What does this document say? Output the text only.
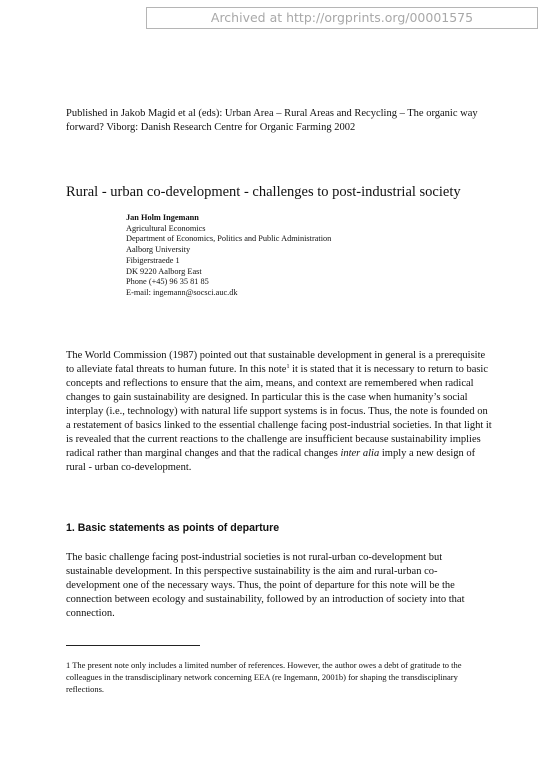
Archived at http://orgprints.org/00001575
Published in Jakob Magid et al (eds): Urban Area – Rural Areas and Recycling – The organic way forward? Viborg: Danish Research Centre for Organic Farming 2002
Rural - urban co-development - challenges to post-industrial society
Jan Holm Ingemann
Agricultural Economics
Department of Economics, Politics and Public Administration
Aalborg University
Fibigerstraede 1
DK 9220 Aalborg East
Phone (+45) 96 35 81 85
E-mail: ingemann@socsci.auc.dk
The World Commission (1987) pointed out that sustainable development in general is a prerequisite to alleviate fatal threats to human future. In this note$^1$ it is stated that it is necessary to return to basic concepts and reflections to ensure that the aim, means, and context are remembered when radical changes to gain sustainability are designed. In particular this is the case when humanity’s social interplay (i.e., technology) with natural life support systems is in focus. Thus, the note is founded on a restatement of basics linked to the essential challenge facing post-industrial societies. In that light it is revealed that the current reactions to the challenge are insufficient because sustainability implies radical rather than marginal changes and that the radical changes inter alia imply a new design of rural - urban co-development.
1. Basic statements as points of departure
The basic challenge facing post-industrial societies is not rural-urban co-development but sustainable development. In this perspective sustainability is the aim and rural-urban co-development one of the necessary ways. Thus, the point of departure for this note will be the connection between ecology and sustainability, followed by an introduction of society into that connection.
1 The present note only includes a limited number of references. However, the author owes a debt of gratitude to the colleagues in the transdisciplinary network concerning EEA (re Ingemann, 2001b) for shaping the transdisciplinary reflections.
